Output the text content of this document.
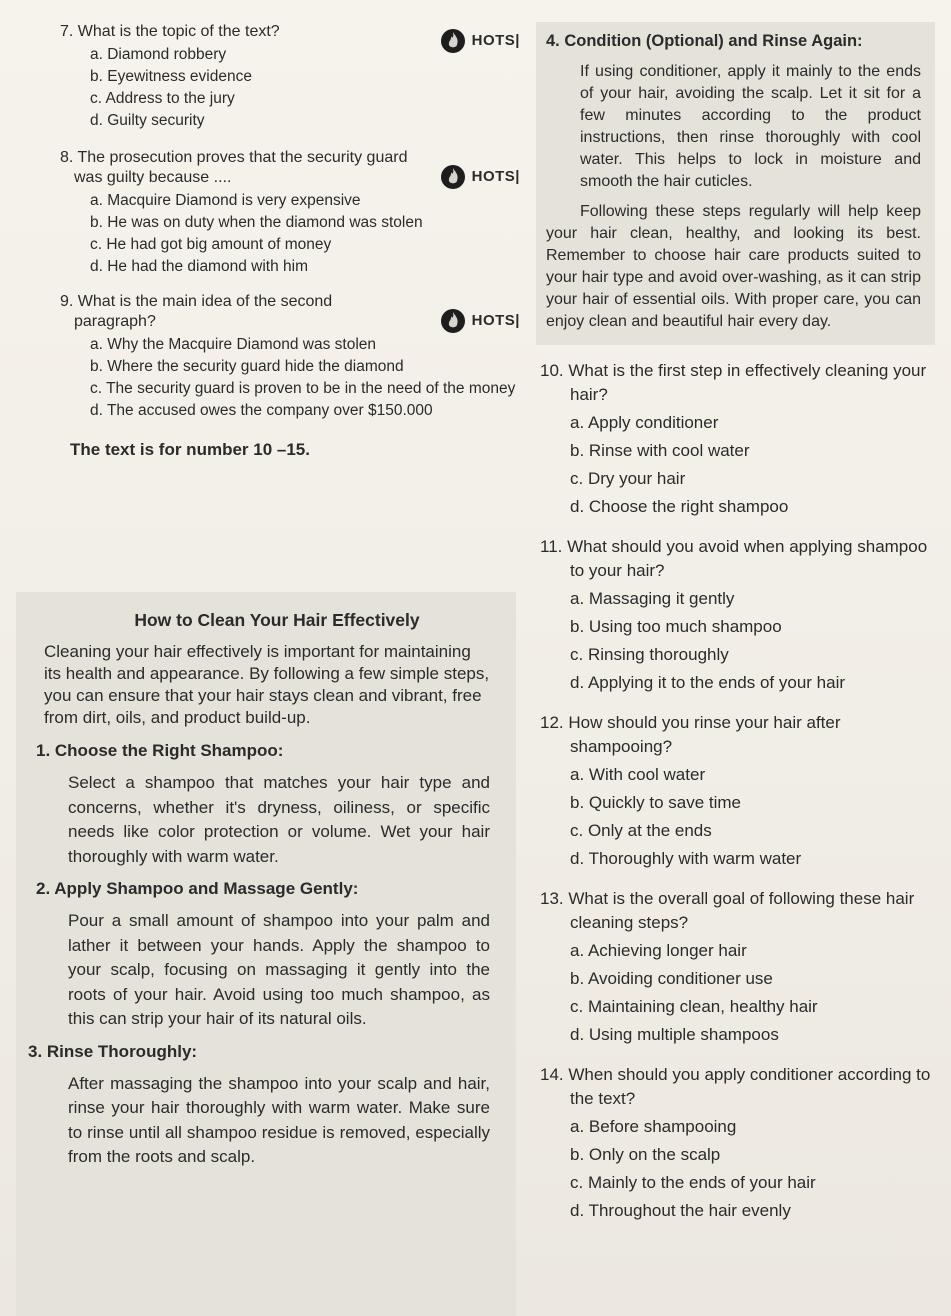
7. What is the topic of the text?
HOTS|
a. Diamond robbery
b. Eyewitness evidence
c. Address to the jury
d. Guilty security
8. The prosecution proves that the security guard was guilty because ....	HOTS|
a. Macquire Diamond is very expensive
b. He was on duty when the diamond was stolen
c. He had got big amount of money
d. He had the diamond with him
9. What is the main idea of the second paragraph?	HOTS|
a. Why the Macquire Diamond was stolen
b. Where the security guard hide the diamond
c. The security guard is proven to be in the need of the money
d. The accused owes the company over $150.000
The text is for number 10 –15.
How to Clean Your Hair Effectively

Cleaning your hair effectively is important for maintaining its health and appearance. By following a few simple steps, you can ensure that your hair stays clean and vibrant, free from dirt, oils, and product build-up.

1. Choose the Right Shampoo:

Select a shampoo that matches your hair type and concerns, whether it's dryness, oiliness, or specific needs like color protection or volume. Wet your hair thoroughly with warm water.

2. Apply Shampoo and Massage Gently:

Pour a small amount of shampoo into your palm and lather it between your hands. Apply the shampoo to your scalp, focusing on massaging it gently into the roots of your hair. Avoid using too much shampoo, as this can strip your hair of its natural oils.

3. Rinse Thoroughly:

After massaging the shampoo into your scalp and hair, rinse your hair thoroughly with warm water. Make sure to rinse until all shampoo residue is removed, especially from the roots and scalp.

4. Condition (Optional) and Rinse Again:

If using conditioner, apply it mainly to the ends of your hair, avoiding the scalp. Let it sit for a few minutes according to the product instructions, then rinse thoroughly with cool water. This helps to lock in moisture and smooth the hair cuticles.

Following these steps regularly will help keep your hair clean, healthy, and looking its best. Remember to choose hair care products suited to your hair type and avoid over-washing, as it can strip your hair of essential oils. With proper care, you can enjoy clean and beautiful hair every day.

10. What is the first step in effectively cleaning your hair?
a. Apply conditioner
b. Rinse with cool water
c. Dry your hair
d. Choose the right shampoo
11. What should you avoid when applying shampoo to your hair?
a. Massaging it gently
b. Using too much shampoo
c. Rinsing thoroughly
d. Applying it to the ends of your hair
12. How should you rinse your hair after shampooing?
a. With cool water
b. Quickly to save time
c. Only at the ends
d. Thoroughly with warm water
13. What is the overall goal of following these hair cleaning steps?
a. Achieving longer hair
b. Avoiding conditioner use
c. Maintaining clean, healthy hair
d. Using multiple shampoos
14. When should you apply conditioner according to the text?
a. Before shampooing
b. Only on the scalp
c. Mainly to the ends of your hair
d. Throughout the hair evenly
